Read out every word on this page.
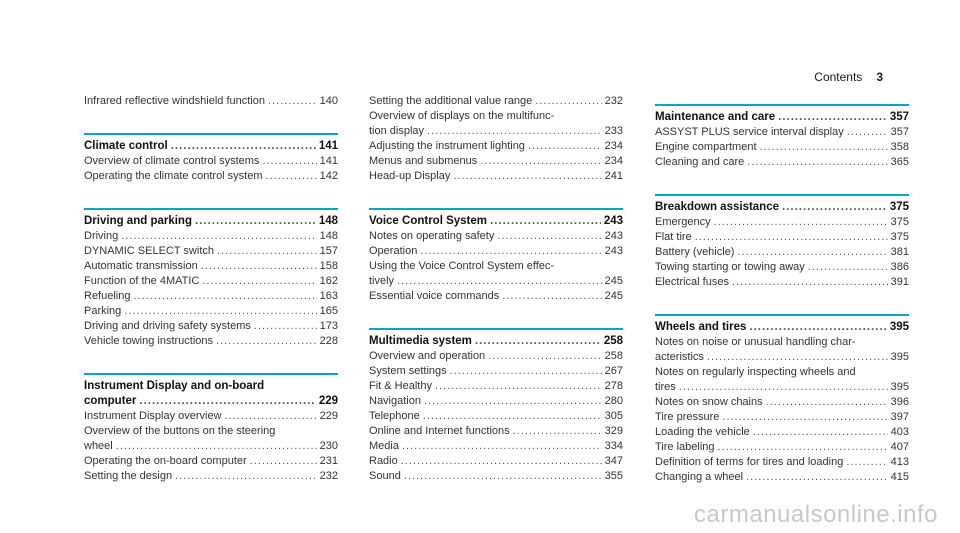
Contents 3
Infrared reflective windshield function .....	140
Climate control .....	141
Overview of climate control systems .....	141
Operating the climate control system .....	142
Driving and parking .....	148
Driving .....	148
DYNAMIC SELECT switch .....	157
Automatic transmission .....	158
Function of the 4MATIC .....	162
Refueling .....	163
Parking .....	165
Driving and driving safety systems .....	173
Vehicle towing instructions .....	228
Instrument Display and on-board
computer .....	229
Instrument Display overview .....	229
Overview of the buttons on the steering
wheel .....	230
Operating the on-board computer .....	231
Setting the design .....	232
Setting the additional value range .....	232
Overview of displays on the multifunc-
tion display .....	233
Adjusting the instrument lighting .....	234
Menus and submenus .....	234
Head-up Display .....	241
Voice Control System .....	243
Notes on operating safety .....	243
Operation .....	243
Using the Voice Control System effec-
tively .....	245
Essential voice commands .....	245
Multimedia system .....	258
Overview and operation .....	258
System settings .....	267
Fit & Healthy .....	278
Navigation .....	280
Telephone .....	305
Online and Internet functions .....	329
Media .....	334
Radio .....	347
Sound .....	355
Maintenance and care .....	357
ASSYST PLUS service interval display .....	357
Engine compartment .....	358
Cleaning and care .....	365
Breakdown assistance .....	375
Emergency .....	375
Flat tire .....	375
Battery (vehicle) .....	381
Towing starting or towing away .....	386
Electrical fuses .....	391
Wheels and tires .....	395
Notes on noise or unusual handling char-
acteristics .....	395
Notes on regularly inspecting wheels and
tires .....	395
Notes on snow chains .....	396
Tire pressure .....	397
Loading the vehicle .....	403
Tire labeling .....	407
Definition of terms for tires and loading .....	413
Changing a wheel .....	415
carmanualsonline.info
